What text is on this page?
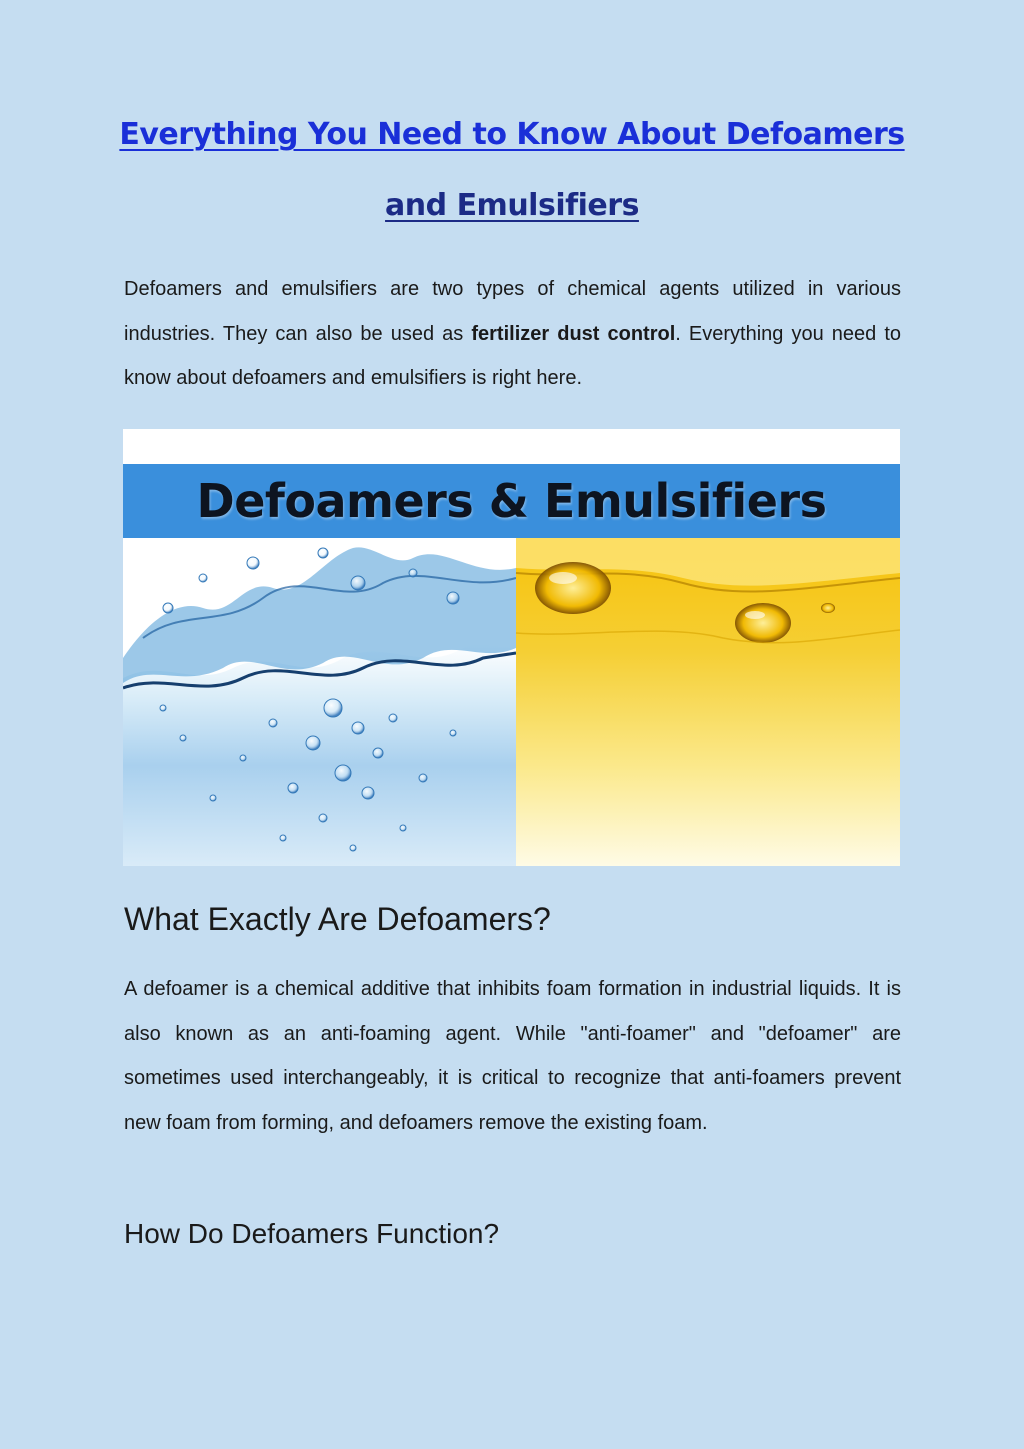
Everything You Need to Know About Defoamers
and Emulsifiers

Defoamers and emulsifiers are two types of chemical agents utilized in various industries. They can also be used as fertilizer dust control. Everything you need to know about defoamers and emulsifiers is right here.

Defoamers & Emulsifiers
What Exactly Are Defoamers?

A defoamer is a chemical additive that inhibits foam formation in industrial liquids. It is also known as an anti-foaming agent. While "anti-foamer" and "defoamer" are sometimes used interchangeably, it is critical to recognize that anti-foamers prevent new foam from forming, and defoamers remove the existing foam.

How Do Defoamers Function?
